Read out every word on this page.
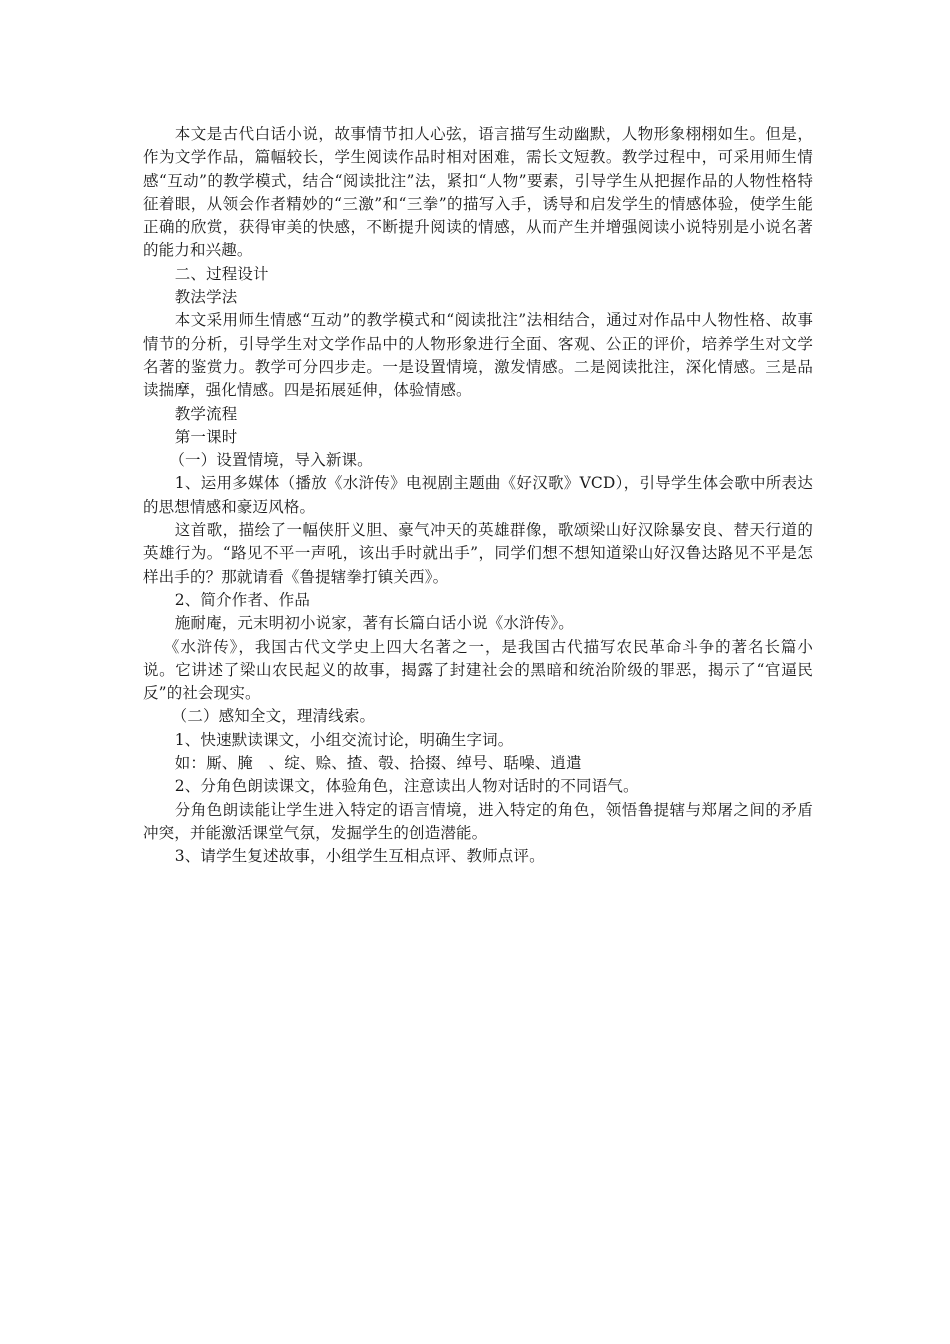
本文是古代白话小说，故事情节扣人心弦，语言描写生动幽默，人物形象栩栩如生。但是，作为文学作品，篇幅较长，学生阅读作品时相对困难，需长文短教。教学过程中，可采用师生情感“互动”的教学模式，结合“阅读批注”法，紧扣“人物”要素，引导学生从把握作品的人物性格特征着眼，从领会作者精妙的“三激”和“三拳”的描写入手，诱导和启发学生的情感体验，使学生能正确的欣赏，获得审美的快感，不断提升阅读的情感，从而产生并增强阅读小说特别是小说名著的能力和兴趣。

二、过程设计

教法学法

本文采用师生情感“互动”的教学模式和“阅读批注”法相结合，通过对作品中人物性格、故事情节的分析，引导学生对文学作品中的人物形象进行全面、客观、公正的评价，培养学生对文学名著的鉴赏力。教学可分四步走。一是设置情境，激发情感。二是阅读批注，深化情感。三是品读揣摩，强化情感。四是拓展延伸，体验情感。

教学流程

第一课时

（一）设置情境，导入新课。

1、运用多媒体（播放《水浒传》电视剧主题曲《好汉歌》VCD），引导学生体会歌中所表达的思想情感和豪迈风格。

这首歌，描绘了一幅侠肝义胆、豪气冲天的英雄群像，歌颂梁山好汉除暴安良、替天行道的英雄行为。“路见不平一声吼，该出手时就出手”，同学们想不想知道梁山好汉鲁达路见不平是怎样出手的？那就请看《鲁提辖拳打镇关西》。

2、简介作者、作品

施耐庵，元末明初小说家，著有长篇白话小说《水浒传》。

《水浒传》，我国古代文学史上四大名著之一，是我国古代描写农民革命斗争的著名长篇小说。它讲述了梁山农民起义的故事，揭露了封建社会的黑暗和统治阶级的罪恶，揭示了“官逼民反”的社会现实。

（二）感知全文，理清线索。

1、快速默读课文，小组交流讨论，明确生字词。

如：厮、腌　、绽、赊、揸、彀、拾掇、绰号、聒噪、逍遣

2、分角色朗读课文，体验角色，注意读出人物对话时的不同语气。

分角色朗读能让学生进入特定的语言情境，进入特定的角色，领悟鲁提辖与郑屠之间的矛盾冲突，并能激活课堂气氛，发掘学生的创造潜能。

3、请学生复述故事，小组学生互相点评、教师点评。
